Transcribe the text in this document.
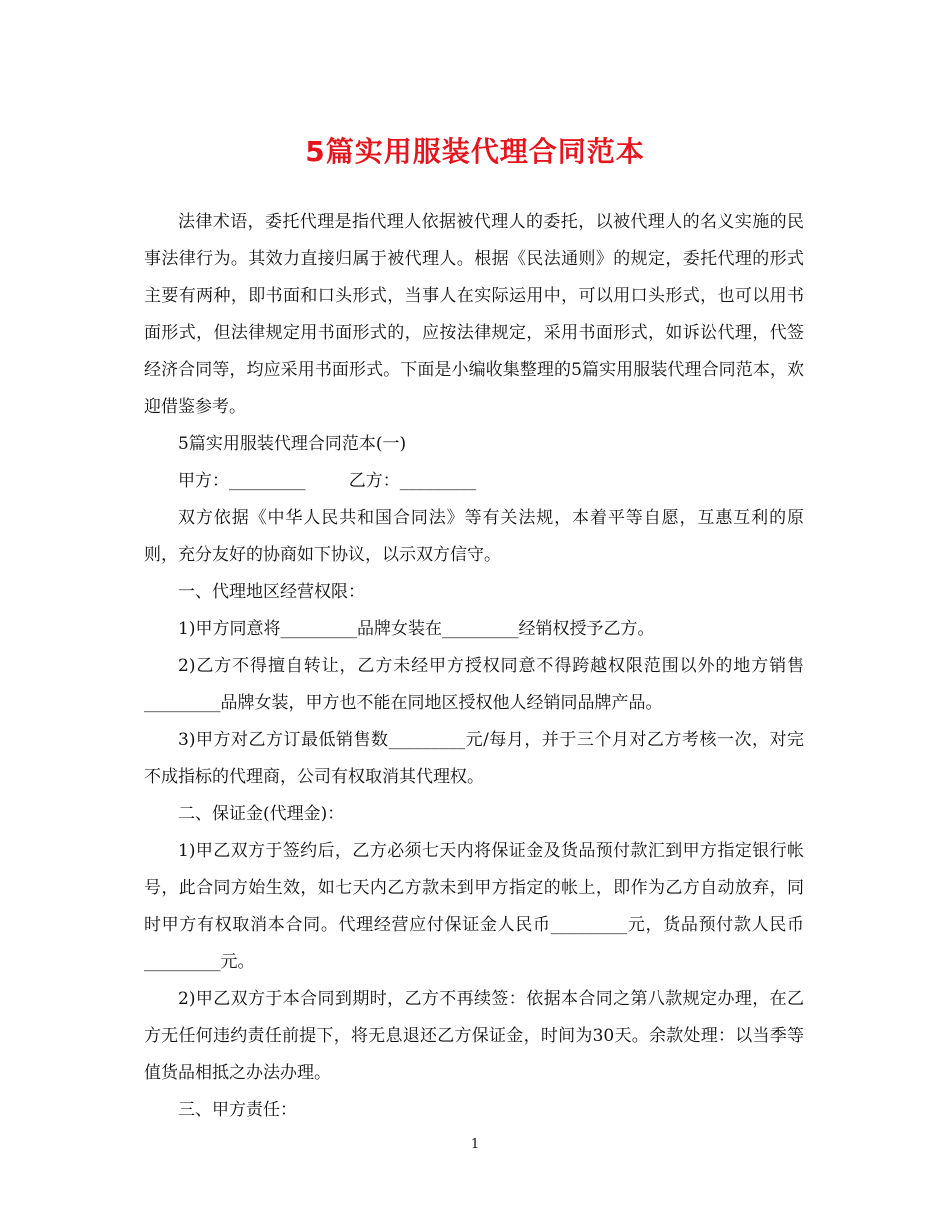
5篇实用服装代理合同范本

法律术语，委托代理是指代理人依据被代理人的委托，以被代理人的名义实施的民事法律行为。其效力直接归属于被代理人。根据《民法通则》的规定，委托代理的形式主要有两种，即书面和口头形式，当事人在实际运用中，可以用口头形式，也可以用书面形式，但法律规定用书面形式的，应按法律规定，采用书面形式，如诉讼代理，代签经济合同等，均应采用书面形式。下面是小编收集整理的5篇实用服装代理合同范本，欢迎借鉴参考。

5篇实用服装代理合同范本(一)

甲方：_________        乙方：_________

双方依据《中华人民共和国合同法》等有关法规，本着平等自愿，互惠互利的原则，充分友好的协商如下协议，以示双方信守。

一、代理地区经营权限：

1)甲方同意将_________品牌女装在_________经销权授予乙方。

2)乙方不得擅自转让，乙方未经甲方授权同意不得跨越权限范围以外的地方销售_________品牌女装，甲方也不能在同地区授权他人经销同品牌产品。

3)甲方对乙方订最低销售数_________元/每月，并于三个月对乙方考核一次，对完不成指标的代理商，公司有权取消其代理权。

二、保证金(代理金)：

1)甲乙双方于签约后，乙方必须七天内将保证金及货品预付款汇到甲方指定银行帐号，此合同方始生效，如七天内乙方款未到甲方指定的帐上，即作为乙方自动放弃，同时甲方有权取消本合同。代理经营应付保证金人民币_________元，货品预付款人民币_________元。

2)甲乙双方于本合同到期时，乙方不再续签：依据本合同之第八款规定办理，在乙方无任何违约责任前提下，将无息退还乙方保证金，时间为30天。余款处理：以当季等值货品相抵之办法办理。

三、甲方责任：

1
